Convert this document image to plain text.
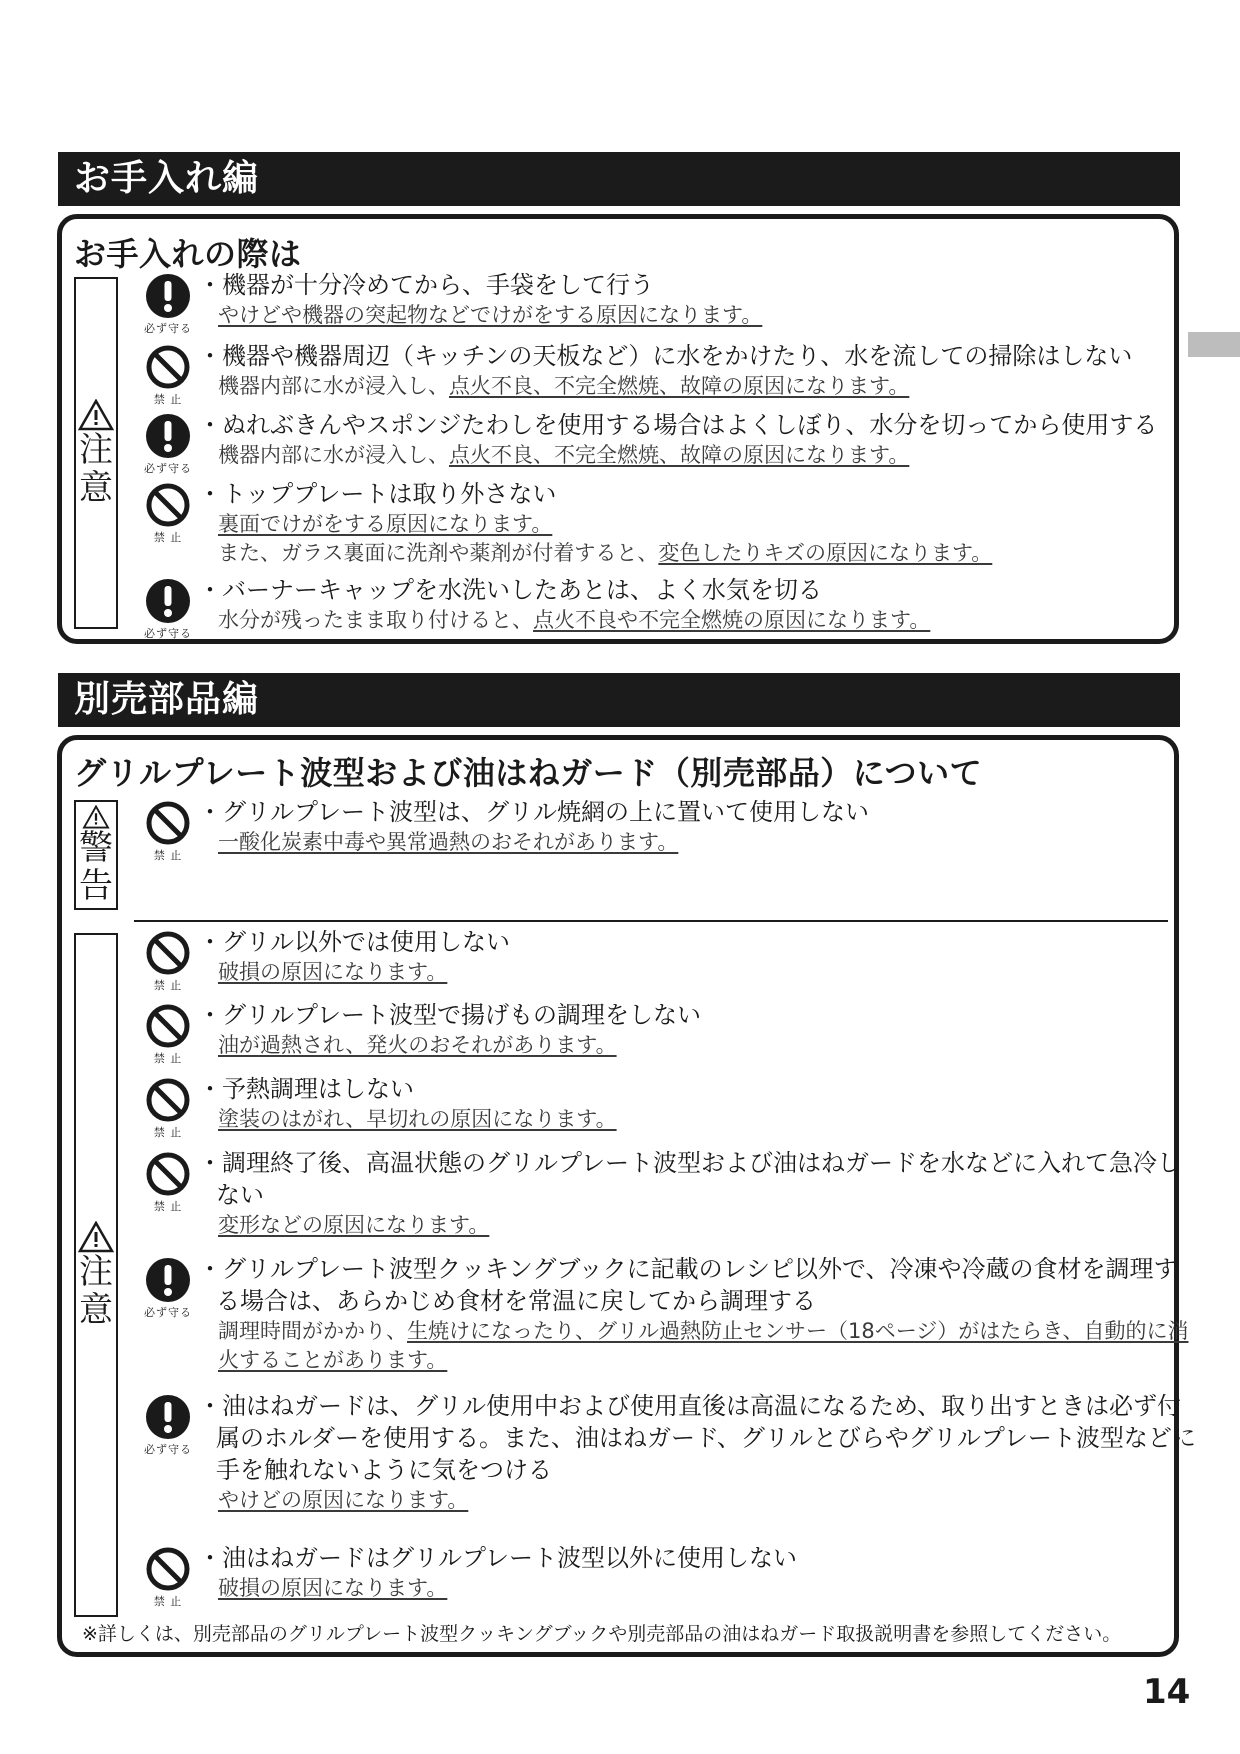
お手入れ編
お手入れの際は
注
意
必ず守る
・機器が十分冷めてから、手袋をして行う
やけどや機器の突起物などでけがをする原因になります。
禁 止
・機器や機器周辺（キッチンの天板など）に水をかけたり、水を流しての掃除はしない
機器内部に水が浸入し、点火不良、不完全燃焼、故障の原因になります。
必ず守る
・ぬれぶきんやスポンジたわしを使用する場合はよくしぼり、水分を切ってから使用する
機器内部に水が浸入し、点火不良、不完全燃焼、故障の原因になります。
禁 止
・トッププレートは取り外さない
裏面でけがをする原因になります。
また、ガラス裏面に洗剤や薬剤が付着すると、変色したりキズの原因になります。
必ず守る
・バーナーキャップを水洗いしたあとは、よく水気を切る
水分が残ったまま取り付けると、点火不良や不完全燃焼の原因になります。
別売部品編
グリルプレート波型および油はねガード（別売部品）について
警
告
禁 止
・グリルプレート波型は、グリル焼網の上に置いて使用しない
一酸化炭素中毒や異常過熱のおそれがあります。
注
意
禁 止
・グリル以外では使用しない
破損の原因になります。
禁 止
・グリルプレート波型で揚げもの調理をしない
油が過熱され、発火のおそれがあります。
禁 止
・予熱調理はしない
塗装のはがれ、早切れの原因になります。
禁 止
・調理終了後、高温状態のグリルプレート波型および油はねガードを水などに入れて急冷しない
変形などの原因になります。
必ず守る
・グリルプレート波型クッキングブックに記載のレシピ以外で、冷凍や冷蔵の食材を調理する場合は、あらかじめ食材を常温に戻してから調理する
調理時間がかかり、生焼けになったり、グリル過熱防止センサー（18ページ）がはたらき、自動的に消火することがあります。
必ず守る
・油はねガードは、グリル使用中および使用直後は高温になるため、取り出すときは必ず付属のホルダーを使用する。また、油はねガード、グリルとびらやグリルプレート波型などに手を触れないように気をつける
やけどの原因になります。
禁 止
・油はねガードはグリルプレート波型以外に使用しない
破損の原因になります。
※詳しくは、別売部品のグリルプレート波型クッキングブックや別売部品の油はねガード取扱説明書を参照してください。
14
